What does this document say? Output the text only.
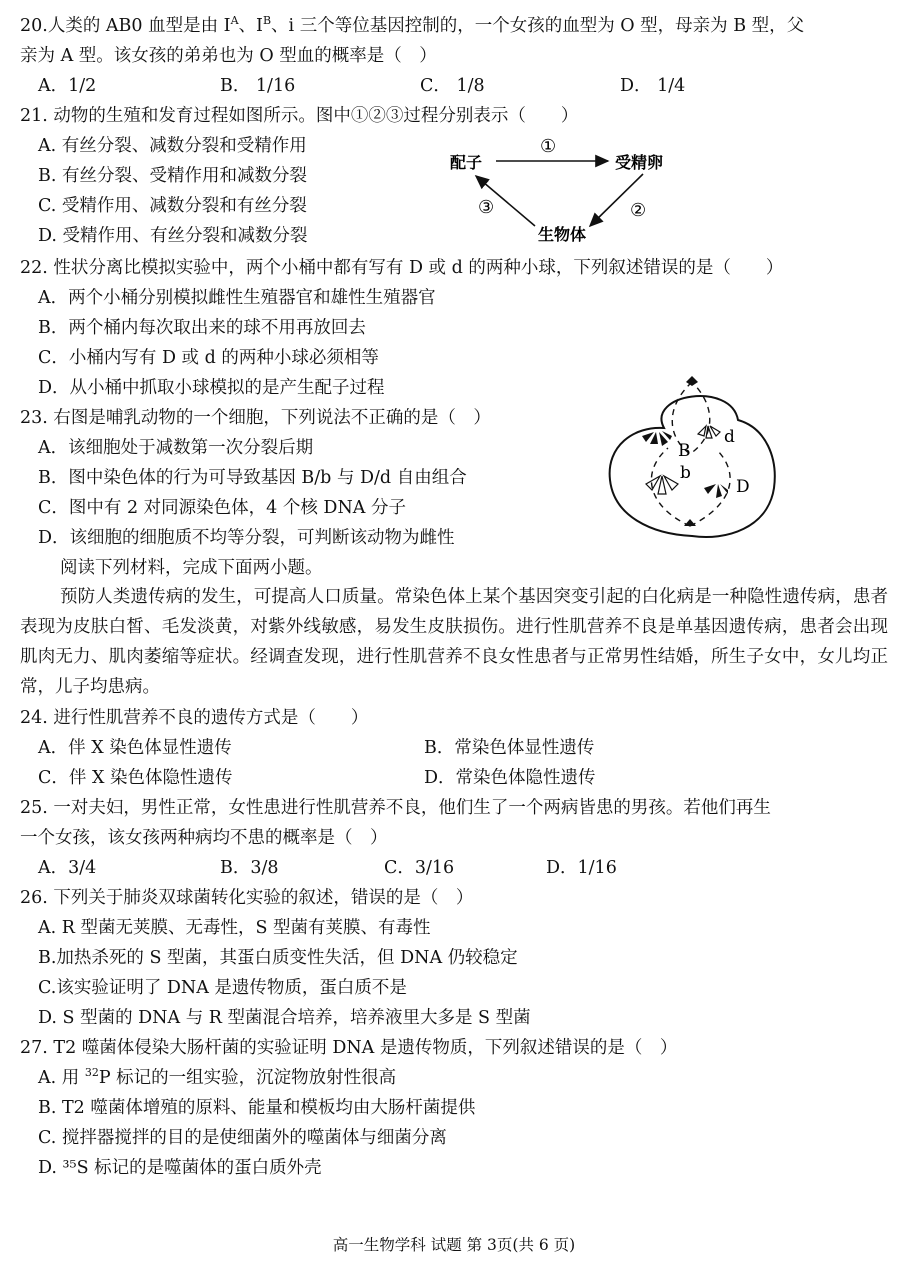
20.人类的 AB0 血型是由 $I^A$、$I^B$、i 三个等位基因控制的，一个女孩的血型为 O 型，母亲为 B 型，父
亲为 A 型。该女孩的弟弟也为 O 型血的概率是（　）
A．1/2	B． 1/16	C． 1/8	D． 1/4
21. 动物的生殖和发育过程如图所示。图中①②③过程分别表示（　　）
A. 有丝分裂、减数分裂和受精作用
B. 有丝分裂、受精作用和减数分裂
C. 受精作用、减数分裂和有丝分裂
D. 受精作用、有丝分裂和减数分裂
配子	受精卵
生物体
①
②
③
22. 性状分离比模拟实验中，两个小桶中都有写有 D 或 d 的两种小球，下列叙述错误的是（　　）
A．两个小桶分别模拟雌性生殖器官和雄性生殖器官
B．两个桶内每次取出来的球不用再放回去
C．小桶内写有 D 或 d 的两种小球必须相等
D．从小桶中抓取小球模拟的是产生配子过程
23. 右图是哺乳动物的一个细胞，下列说法不正确的是（　）
A．该细胞处于减数第一次分裂后期
B．图中染色体的行为可导致基因 B/b 与 D/d 自由组合
C．图中有 2 对同源染色体，4 个核 DNA 分子
D．该细胞的细胞质不均等分裂，可判断该动物为雌性
B
b
d
D
阅读下列材料，完成下面两小题。
预防人类遗传病的发生，可提高人口质量。常染色体上某个基因突变引起的白化病是一种隐性遗传病，患者表现为皮肤白皙、毛发淡黄，对紫外线敏感，易发生皮肤损伤。进行性肌营养不良是单基因遗传病，患者会出现肌肉无力、肌肉萎缩等症状。经调查发现，进行性肌营养不良女性患者与正常男性结婚，所生子女中，女儿均正常，儿子均患病。
24. 进行性肌营养不良的遗传方式是（　　）
A．伴 X 染色体显性遗传	B．常染色体显性遗传
C．伴 X 染色体隐性遗传	D．常染色体隐性遗传
25. 一对夫妇，男性正常，女性患进行性肌营养不良，他们生了一个两病皆患的男孩。若他们再生
一个女孩，该女孩两种病均不患的概率是（　）
A．3/4	B．3/8	C．3/16	D．1/16
26. 下列关于肺炎双球菌转化实验的叙述，错误的是（　）
A. R 型菌无荚膜、无毒性，S 型菌有荚膜、有毒性
B.加热杀死的 S 型菌，其蛋白质变性失活，但 DNA 仍较稳定
C.该实验证明了 DNA 是遗传物质，蛋白质不是
D. S 型菌的 DNA 与 R 型菌混合培养，培养液里大多是 S 型菌
27. T2 噬菌体侵染大肠杆菌的实验证明 DNA 是遗传物质，下列叙述错误的是（　）
A. 用 $^{32}$P 标记的一组实验，沉淀物放射性很高
B. T2 噬菌体增殖的原料、能量和模板均由大肠杆菌提供
C. 搅拌器搅拌的目的是使细菌外的噬菌体与细菌分离
D. ³⁵S 标记的是噬菌体的蛋白质外壳
高一生物学科 试题 第 3页(共 6 页)
